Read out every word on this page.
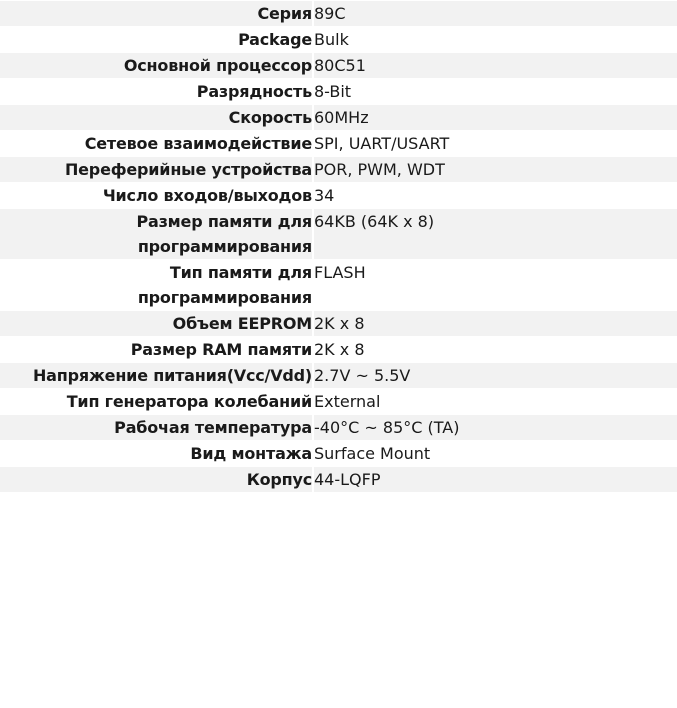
Серия	89C
Package	Bulk
Основной процессор	80C51
Разрядность	8-Bit
Скорость	60MHz
Сетевое взаимодействие	SPI, UART/USART
Переферийные устройства	POR, PWM, WDT
Число входов/выходов	34
Размер памяти для программирования	64KB (64K x 8)
Тип памяти для программирования	FLASH
Объем EEPROM	2K x 8
Размер RAM памяти	2K x 8
Напряжение питания(Vcc/Vdd)	2.7V ~ 5.5V
Тип генератора колебаний	External
Рабочая температура	-40°C ~ 85°C (TA)
Вид монтажа	Surface Mount
Корпус	44-LQFP
